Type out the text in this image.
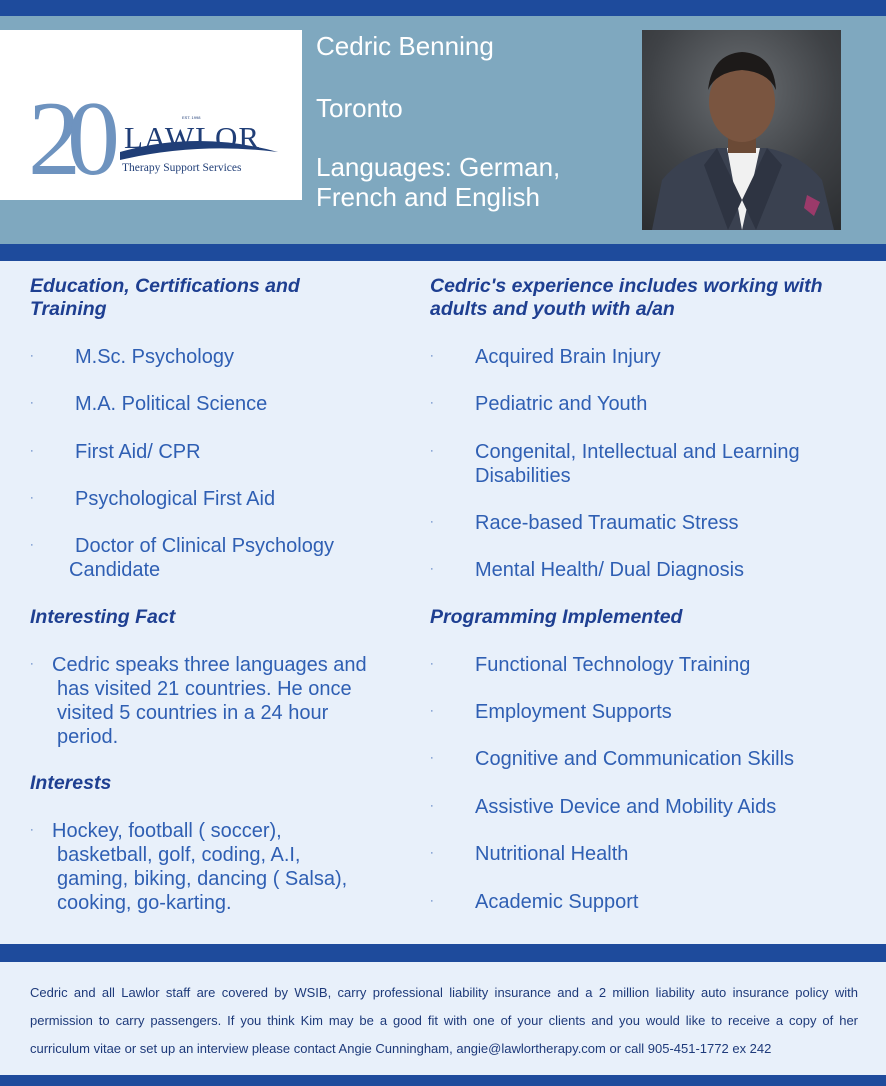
20	EST. 1998
LAWLOR
Therapy Support Services
Cedric Benning
Toronto
Languages: German, French and English
Education, Certifications and Training
· M.Sc. Psychology
· M.A. Political Science
· First Aid/ CPR
· Psychological First Aid
·	Doctor of Clinical Psychology Candidate
Interesting Fact
· Cedric speaks three languages and has visited 21 countries. He once visited 5 countries in a 24 hour period.
Interests
· Hockey, football ( soccer), basketball, golf, coding, A.I, gaming, biking, dancing ( Salsa), cooking, go-karting.
Cedric's experience includes working with adults and youth with a/an
· Acquired Brain Injury
· Pediatric and Youth
· Congenital, Intellectual and Learning Disabilities
· Race-based Traumatic Stress
· Mental Health/ Dual Diagnosis
Programming Implemented
· Functional Technology Training
· Employment Supports
· Cognitive and Communication Skills
· Assistive Device and Mobility Aids
· Nutritional Health
· Academic Support
Cedric and all Lawlor staff are covered by WSIB, carry professional liability insurance and a 2 million liability auto insurance policy with permission to carry passengers. If you think Kim may be a good fit with one of your clients and you would like to receive a copy of her curriculum vitae or set up an interview please contact Angie Cunningham, angie@lawlortherapy.com or call 905-451-1772 ex 242
